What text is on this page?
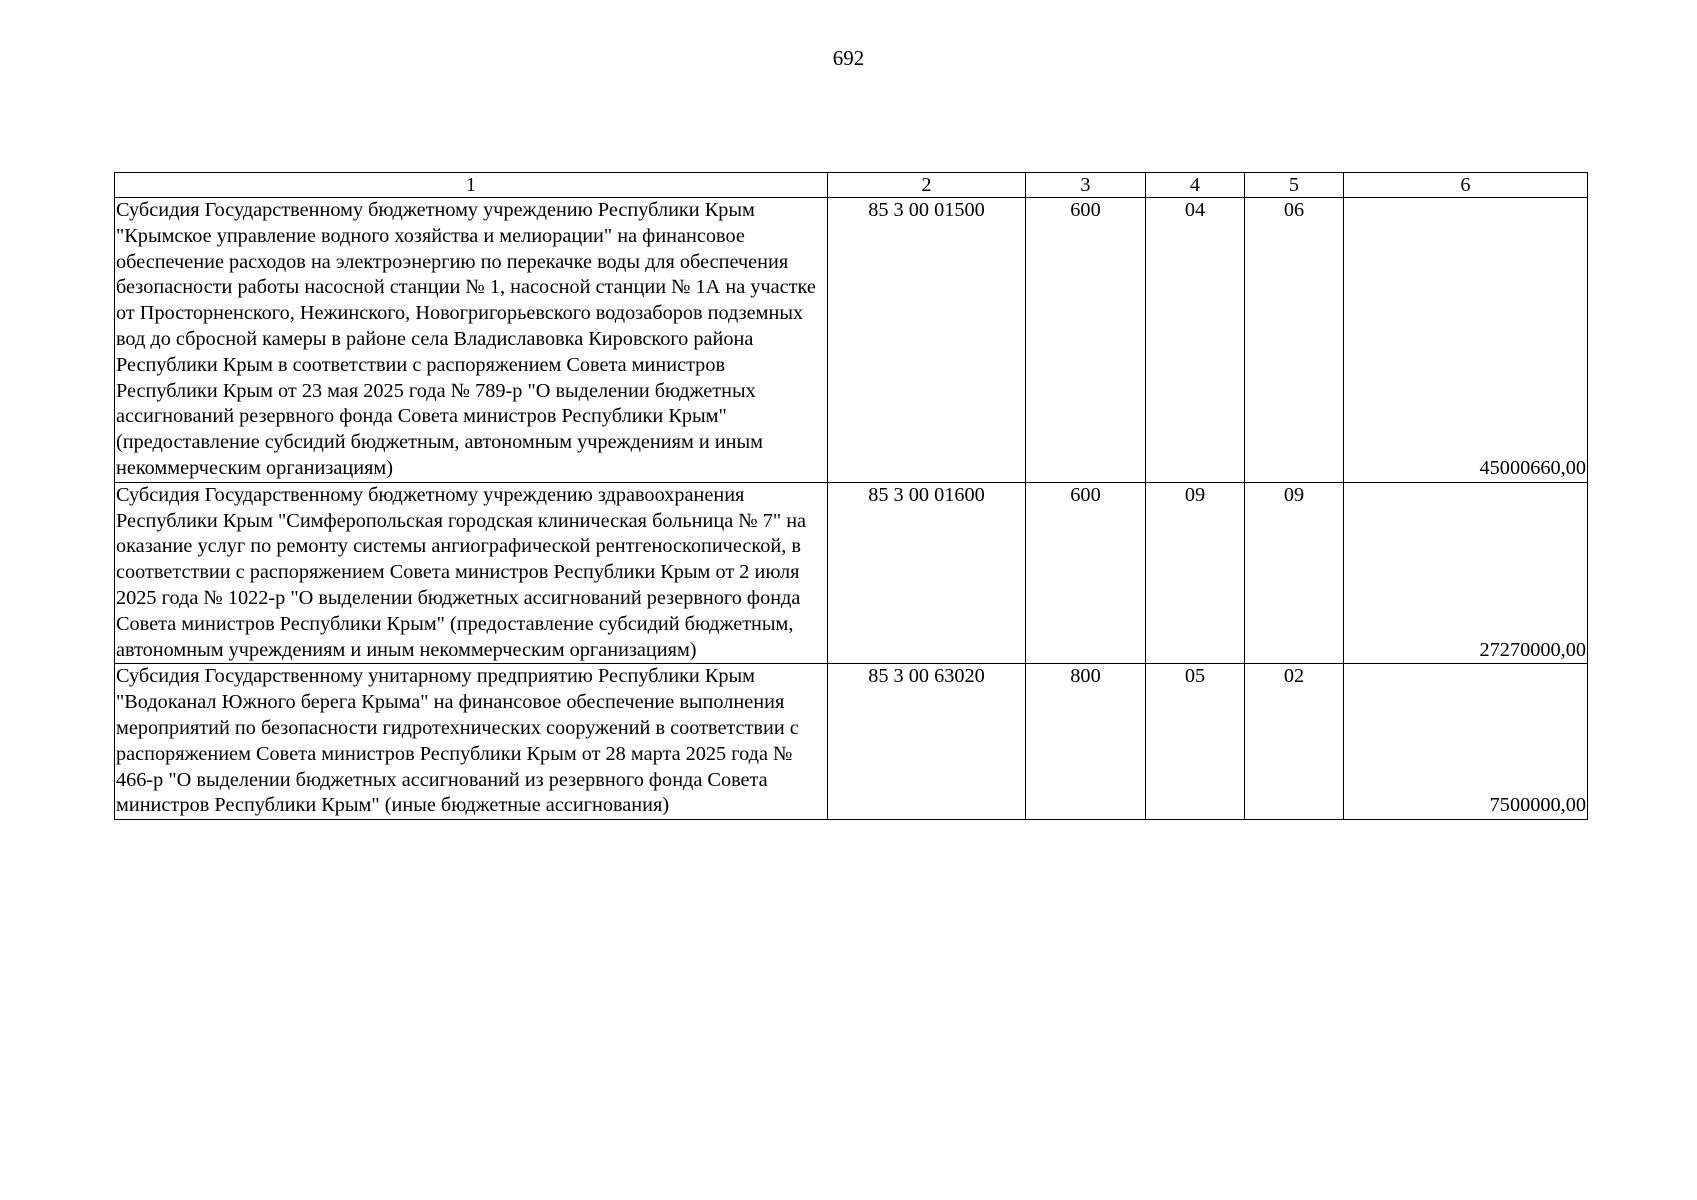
692
1	2	3	4	5	6
Субсидия Государственному бюджетному учреждению Республики Крым "Крымское управление водного хозяйства и мелиорации" на финансовое обеспечение расходов на электроэнергию по перекачке воды для обеспечения безопасности работы насосной станции № 1, насосной станции № 1А на участке от Просторненского, Нежинского, Новогригорьевского водозаборов подземных вод до сбросной камеры в районе села Владиславовка Кировского района Республики Крым в соответствии с распоряжением Совета министров Республики Крым от 23 мая 2025 года № 789-р "О выделении бюджетных ассигнований резервного фонда Совета министров Республики Крым" (предоставление субсидий бюджетным, автономным учреждениям и иным некоммерческим организациям)	85 3 00 01500	600	04	06	45000660,00
Субсидия Государственному бюджетному учреждению здравоохранения Республики Крым "Симферопольская городская клиническая больница № 7" на оказание услуг по ремонту системы ангиографической рентгеноскопической, в соответствии с распоряжением Совета министров Республики Крым от 2 июля 2025 года № 1022-р "О выделении бюджетных ассигнований резервного фонда Совета министров Республики Крым" (предоставление субсидий бюджетным, автономным учреждениям и иным некоммерческим организациям)	85 3 00 01600	600	09	09	27270000,00
Субсидия Государственному унитарному предприятию Республики Крым "Водоканал Южного берега Крыма" на финансовое обеспечение выполнения мероприятий по безопасности гидротехнических сооружений в соответствии с распоряжением Совета министров Республики Крым от 28 марта 2025 года № 466-р "О выделении бюджетных ассигнований из резервного фонда Совета министров Республики Крым" (иные бюджетные ассигнования)	85 3 00 63020	800	05	02	7500000,00
